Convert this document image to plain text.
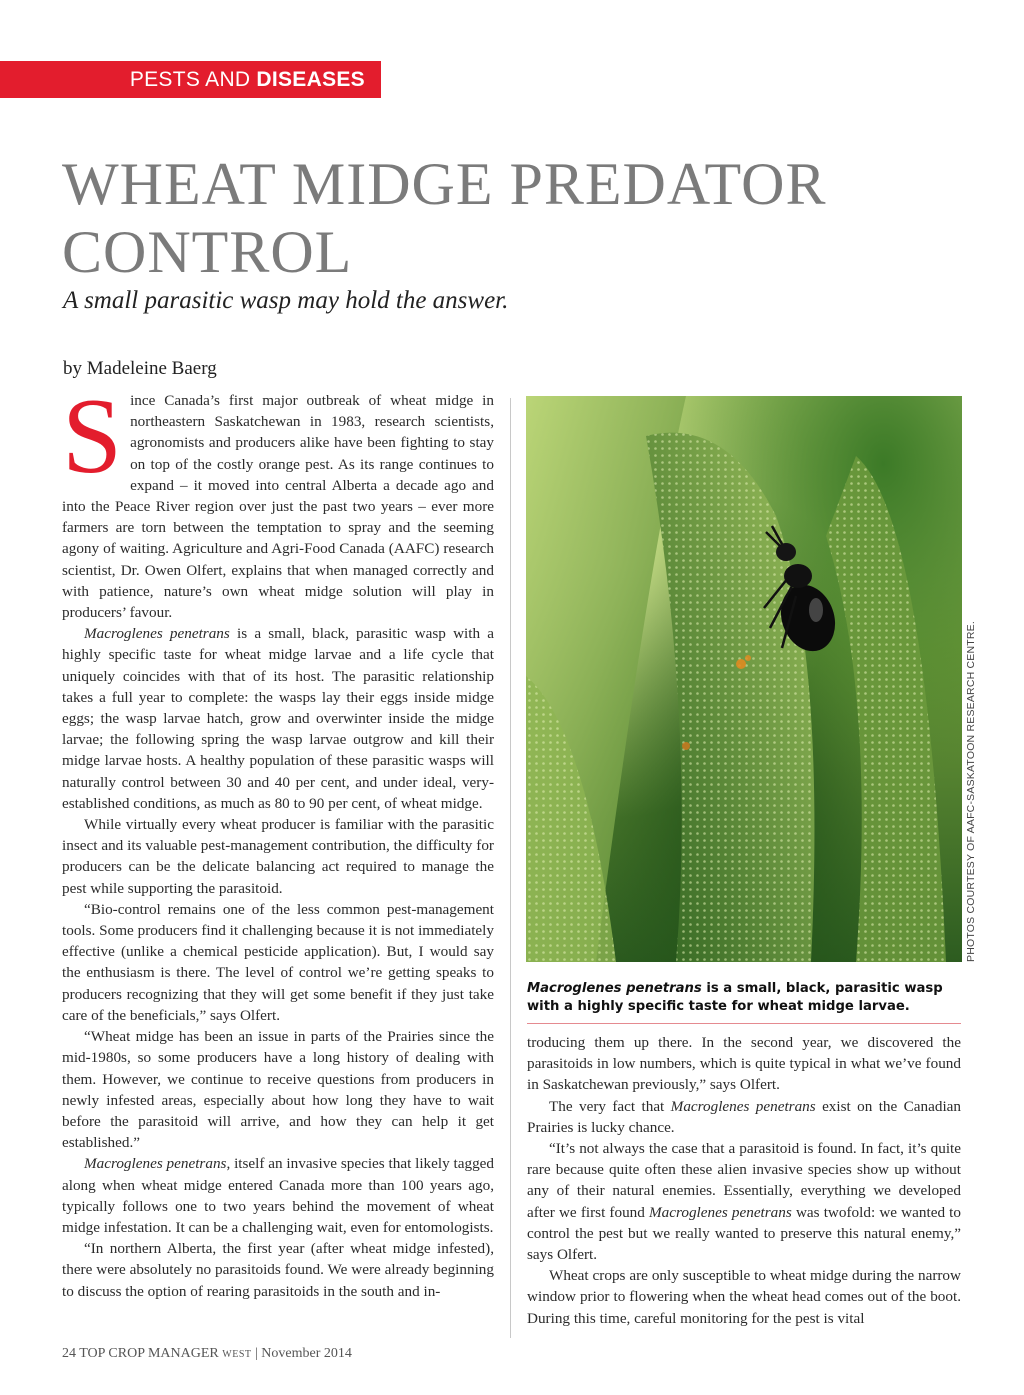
PESTS AND DISEASES
WHEAT MIDGE PREDATOR
CONTROL

A small parasitic wasp may hold the answer.

by Madeleine Baerg

Since Canada’s first major outbreak of wheat midge in northeastern Saskatchewan in 1983, research scientists, agronomists and producers alike have been fighting to stay on top of the costly orange pest. As its range continues to expand – it moved into central Alberta a decade ago and into the Peace River region over just the past two years – ever more farmers are torn between the temptation to spray and the seeming agony of waiting. Agriculture and Agri-Food Canada (AAFC) research scientist, Dr. Owen Olfert, explains that when managed correctly and with patience, nature’s own wheat midge solution will play in producers’ favour.

Macroglenes penetrans is a small, black, parasitic wasp with a highly specific taste for wheat midge larvae and a life cycle that uniquely coincides with that of its host. The parasitic relationship takes a full year to complete: the wasps lay their eggs inside midge eggs; the wasp larvae hatch, grow and overwinter inside the midge larvae; the following spring the wasp larvae outgrow and kill their midge larvae hosts. A healthy population of these parasitic wasps will naturally control between 30 and 40 per cent, and under ideal, very-established conditions, as much as 80 to 90 per cent, of wheat midge.

While virtually every wheat producer is familiar with the parasitic insect and its valuable pest-management contribution, the difficulty for producers can be the delicate balancing act required to manage the pest while supporting the parasitoid.

“Bio-control remains one of the less common pest-management tools. Some producers find it challenging because it is not immediately effective (unlike a chemical pesticide application). But, I would say the enthusiasm is there. The level of control we’re getting speaks to producers recognizing that they will get some benefit if they just take care of the beneficials,” says Olfert.

“Wheat midge has been an issue in parts of the Prairies since the mid-1980s, so some producers have a long history of dealing with them. However, we continue to receive questions from producers in newly infested areas, especially about how long they have to wait before the parasitoid will arrive, and how they can help it get established.”

Macroglenes penetrans, itself an invasive species that likely tagged along when wheat midge entered Canada more than 100 years ago, typically follows one to two years behind the movement of wheat midge infestation. It can be a challenging wait, even for entomologists.

“In northern Alberta, the first year (after wheat midge infested), there were absolutely no parasitoids found. We were already beginning to discuss the option of rearing parasitoids in the south and in-

PHOTOS COURTESY OF AAFC-SASKATOON RESEARCH CENTRE.
Macroglenes penetrans is a small, black, parasitic wasp with a highly specific taste for wheat midge larvae.

troducing them up there. In the second year, we discovered the parasitoids in low numbers, which is quite typical in what we’ve found in Saskatchewan previously,” says Olfert.

The very fact that Macroglenes penetrans exist on the Canadian Prairies is lucky chance.

“It’s not always the case that a parasitoid is found. In fact, it’s quite rare because quite often these alien invasive species show up without any of their natural enemies. Essentially, everything we developed after we first found Macroglenes penetrans was twofold: we wanted to control the pest but we really wanted to preserve this natural enemy,” says Olfert.

Wheat crops are only susceptible to wheat midge during the narrow window prior to flowering when the wheat head comes out of the boot. During this time, careful monitoring for the pest is vital

24 TOP CROP MANAGER WEST | November 2014
